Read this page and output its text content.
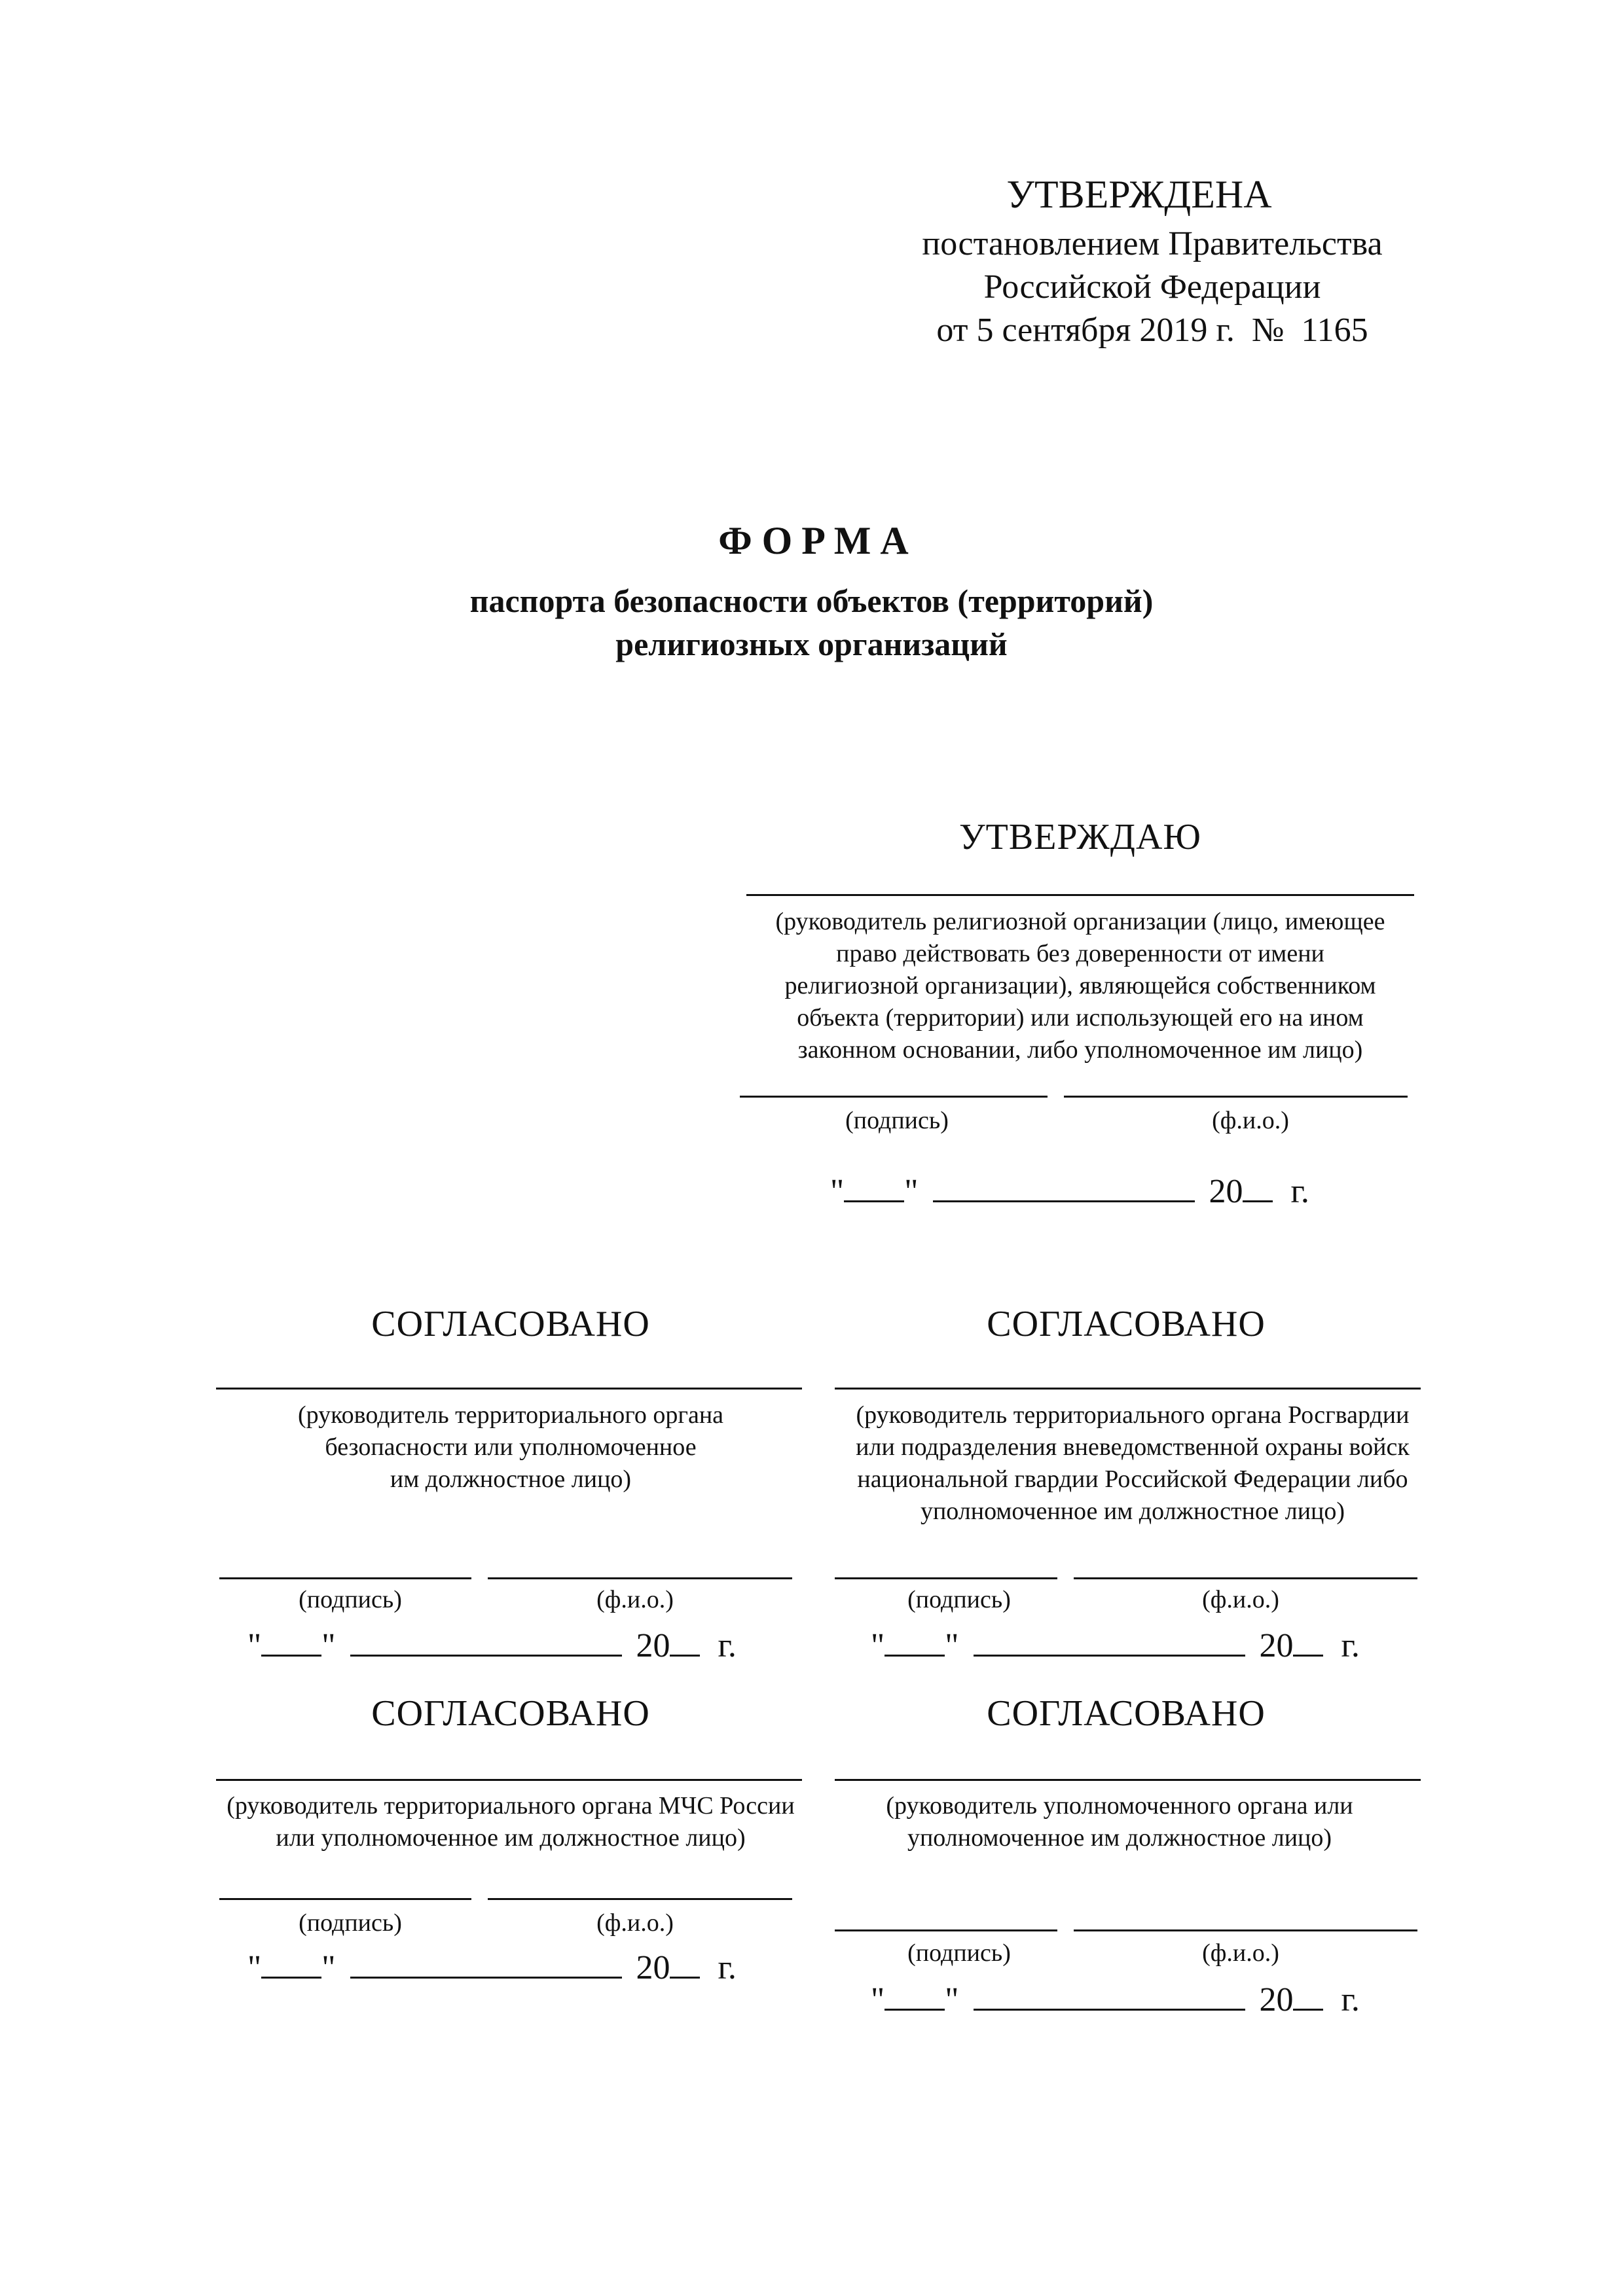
УТВЕРЖДЕНА
постановлением Правительства
Российской Федерации
от 5 сентября 2019 г.  №  1165
ФОРМА
паспорта безопасности объектов (территорий)
религиозных организаций
УТВЕРЖДАЮ
(руководитель религиозной организации (лицо, имеющее
право действовать без доверенности от имени
религиозной организации), являющейся собственником
объекта (территории) или использующей его на ином
законном основании, либо уполномоченное им лицо)
(подпись)	(ф.и.о.)
" "	20 г.
СОГЛАСОВАНО
(руководитель территориального органа
безопасности или уполномоченное
им должностное лицо)
(подпись)	(ф.и.о.)
" "	20 г.
СОГЛАСОВАНО
(руководитель территориального органа Росгвардии
или подразделения вневедомственной охраны войск
национальной гвардии Российской Федерации либо
уполномоченное им должностное лицо)
(подпись)	(ф.и.о.)
" "	20 г.
СОГЛАСОВАНО
(руководитель территориального органа МЧС России
или уполномоченное им должностное лицо)
(подпись)	(ф.и.о.)
" "	20 г.
СОГЛАСОВАНО
(руководитель уполномоченного органа или
уполномоченное им должностное лицо)
(подпись)	(ф.и.о.)
" "	20 г.
